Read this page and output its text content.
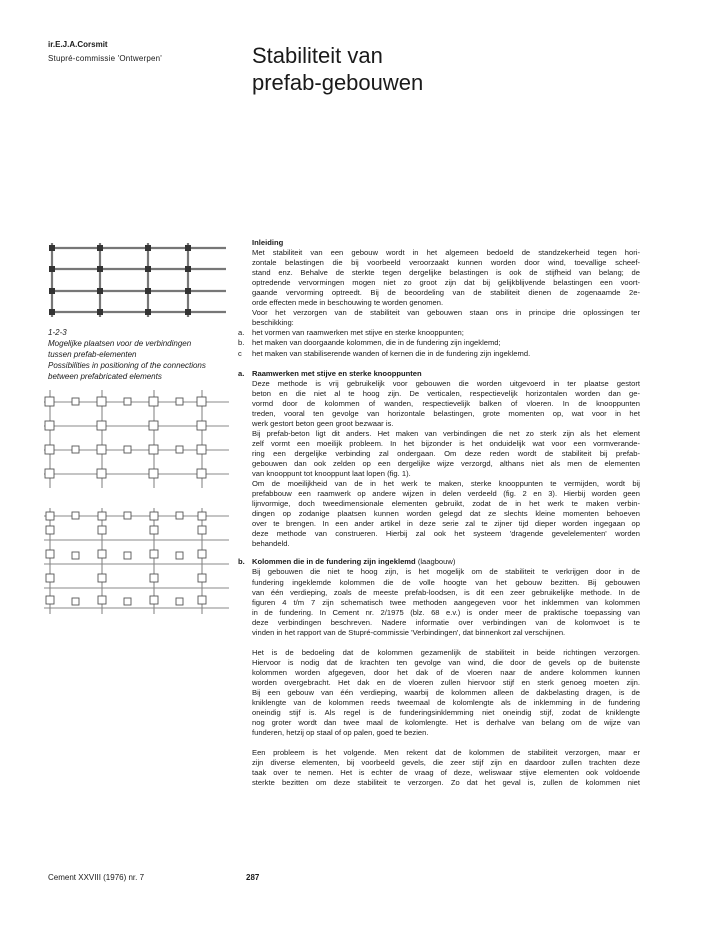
ir.E.J.A.Corsmit
Stupré-commissie 'Ontwerpen'	Stabiliteit van
prefab-gebouwen
1-2-3
Mogelijke plaatsen voor de verbindingen
tussen prefab-elementen
Possibilities in positioning of the connections
between prefabricated elements
Inleiding
Met stabiliteit van een gebouw wordt in het algemeen bedoeld de standzekerheid tegen hori-
zontale belastingen die bij voorbeeld veroorzaakt kunnen worden door wind, toevallige scheef-
stand enz. Behalve de sterkte tegen dergelijke belastingen is ook de stijfheid van belang; de
optredende vervormingen mogen niet zo groot zijn dat bij gelijkblijvende belastingen een voort-
gaande vervorming optreedt. Bij de beoordeling van de stabiliteit dienen de zogenaamde 2e-
orde effecten mede in beschouwing te worden genomen.
Voor het verzorgen van de stabiliteit van gebouwen staan ons in principe drie oplossingen ter
beschikking:
a. het vormen van raamwerken met stijve en sterke knooppunten;
b. het maken van doorgaande kolommen, die in de fundering zijn ingeklemd;
c het maken van stabiliserende wanden of kernen die in de fundering zijn ingeklemd.
a. Raamwerken met stijve en sterke knooppunten
Deze methode is vrij gebruikelijk voor gebouwen die worden uitgevoerd in ter plaatse gestort
beton en die niet al te hoog zijn. De verticalen, respectievelijk horizontalen worden dan ge-
vormd door de kolommen of wanden, respectievelijk balken of vloeren. In de knooppunten
treden, vooral ten gevolge van horizontale belastingen, grote momenten op, wat voor in het
werk gestort beton geen groot bezwaar is.
Bij prefab-beton ligt dit anders. Het maken van verbindingen die net zo sterk zijn als het element
zelf vormt een moeilijk probleem. In het bijzonder is het onduidelijk wat voor een vormverande-
ring een dergelijke verbinding zal ondergaan. Om deze reden wordt de stabiliteit bij prefab-
gebouwen dan ook zelden op een dergelijke wijze verzorgd, althans niet als men de elementen
van knooppunt tot knooppunt laat lopen (fig. 1).
Om de moeilijkheid van de in het werk te maken, sterke knooppunten te vermijden, wordt bij
prefabbouw een raamwerk op andere wijzen in delen verdeeld (fig. 2 en 3). Hierbij worden geen
lijnvormige, doch tweedimensionale elementen gebruikt, zodat de in het werk te maken verbin-
dingen op zodanige plaatsen kunnen worden gelegd dat ze slechts kleine momenten behoeven
over te brengen. In een ander artikel in deze serie zal te zijner tijd dieper worden ingegaan op
deze methode van construeren. Hierbij zal ook het systeem 'dragende gevelelementen' worden
behandeld.
b. Kolommen die in de fundering zijn ingeklemd (laagbouw)
Bij gebouwen die niet te hoog zijn, is het mogelijk om de stabiliteit te verkrijgen door in de
fundering ingeklemde kolommen die de volle hoogte van het gebouw bezitten. Bij gebouwen
van één verdieping, zoals de meeste prefab-loodsen, is dit een zeer gebruikelijke methode. In de
figuren 4 t/m 7 zijn schematisch twee methoden aangegeven voor het inklemmen van kolommen
in de fundering. In Cement nr. 2/1975 (blz. 68 e.v.) is onder meer de praktische toepassing van
deze verbindingen beschreven. Nadere informatie over verbindingen van de kolomvoet is te
vinden in het rapport van de Stupré-commissie 'Verbindingen', dat binnenkort zal verschijnen.
Het is de bedoeling dat de kolommen gezamenlijk de stabiliteit in beide richtingen verzorgen.
Hiervoor is nodig dat de krachten ten gevolge van wind, die door de gevels op de buitenste
kolommen worden afgegeven, door het dak of de vloeren naar de andere kolommen kunnen
worden overgebracht. Het dak en de vloeren zullen hiervoor stijf en sterk genoeg moeten zijn.
Bij een gebouw van één verdieping, waarbij de kolommen alleen de dakbelasting dragen, is de
kniklengte van de kolommen reeds tweemaal de kolomlengte als de inklemming in de fundering
oneindig stijf is. Als regel is de funderingsinklemming niet oneindig stijf, zodat de kniklengte
nog groter wordt dan twee maal de kolomlengte. Het is derhalve van belang om de wijze van
funderen, hetzij op staal of op palen, goed te bezien.
Een probleem is het volgende. Men rekent dat de kolommen de stabiliteit verzorgen, maar er
zijn diverse elementen, bij voorbeeld gevels, die zeer stijf zijn en daardoor zullen trachten deze
taak over te nemen. Het is echter de vraag of deze, weliswaar stijve elementen ook voldoende
sterkte bezitten om deze stabiliteit te verzorgen. Zo dat het geval is, zullen de kolommen niet
Cement XXVIII (1976) nr. 7	287
